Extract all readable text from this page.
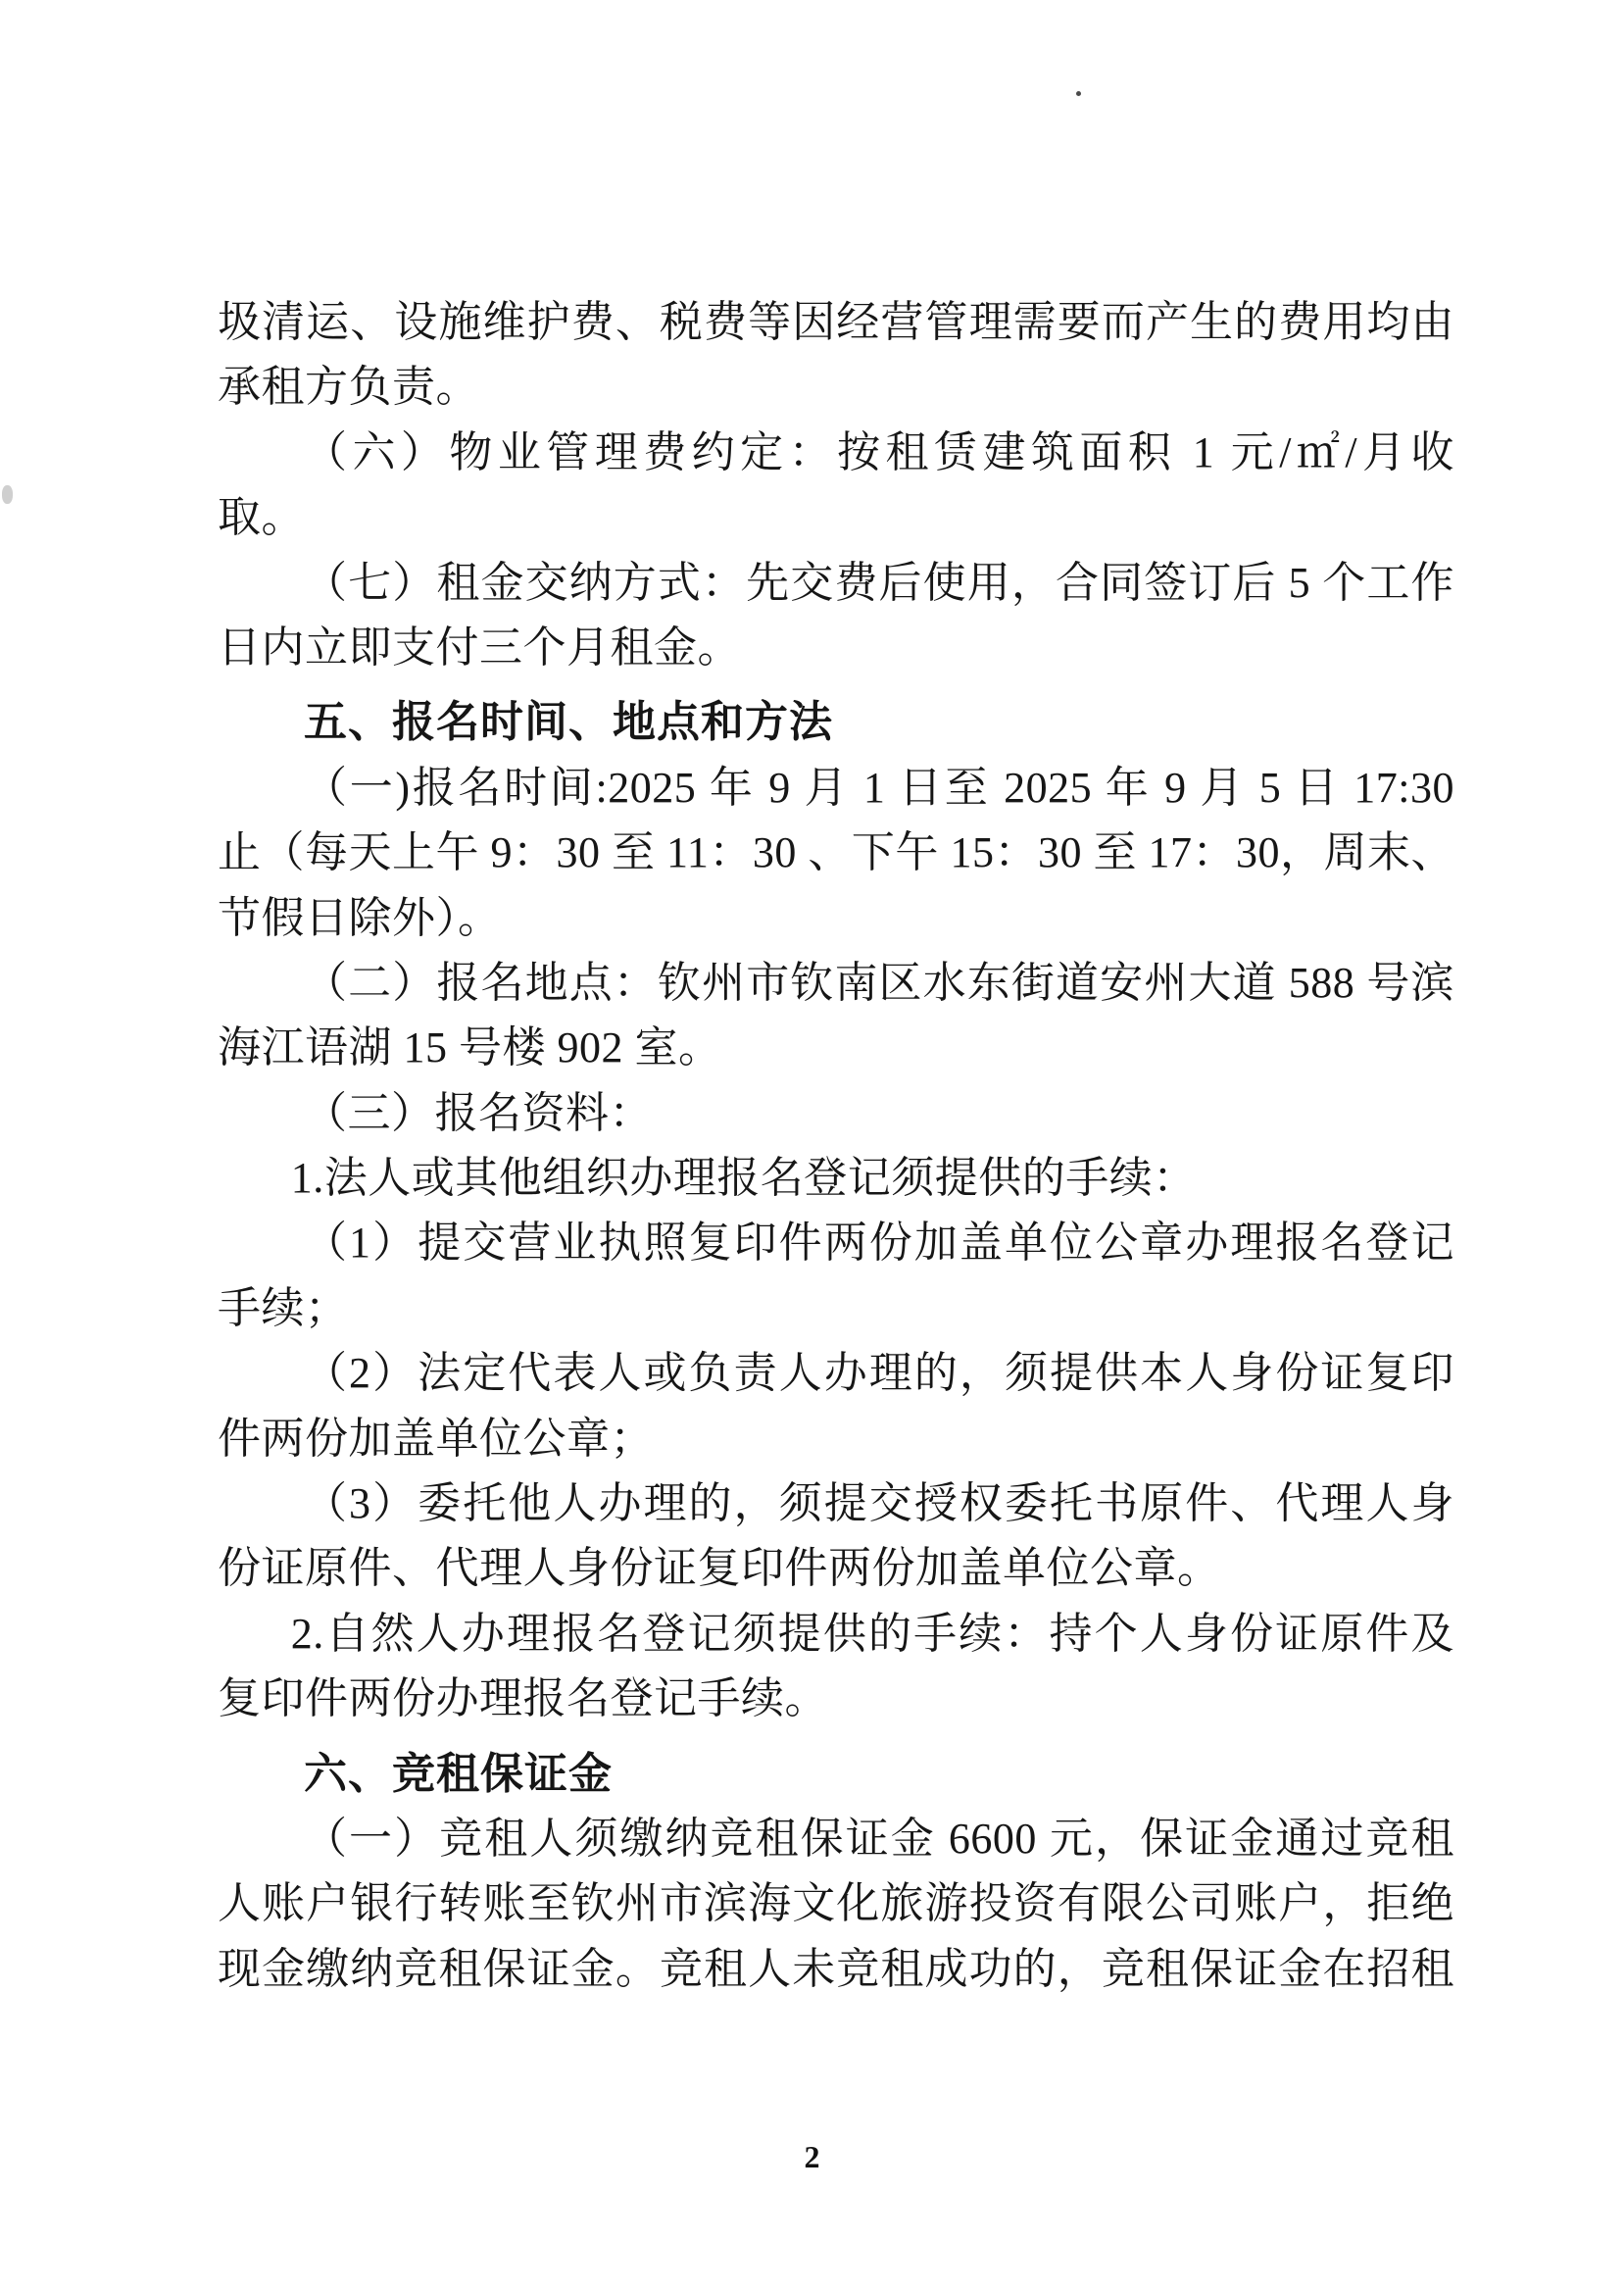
圾清运、设施维护费、税费等因经营管理需要而产生的费用均由
承租方负责。
（六）物业管理费约定：按租赁建筑面积 1 元/㎡/月收
取。
（七）租金交纳方式：先交费后使用，合同签订后 5 个工作
日内立即支付三个月租金。
五、报名时间、地点和方法
（一)报名时间:2025 年 9 月 1 日至 2025 年 9 月 5 日 17:30
止（每天上午 9：30 至 11：30 、下午 15：30 至 17：30，周末、
节假日除外）。
（二）报名地点：钦州市钦南区水东街道安州大道 588 号滨
海江语湖 15 号楼 902 室。
（三）报名资料：
1.法人或其他组织办理报名登记须提供的手续：
（1）提交营业执照复印件两份加盖单位公章办理报名登记
手续；
（2）法定代表人或负责人办理的，须提供本人身份证复印
件两份加盖单位公章；
（3）委托他人办理的，须提交授权委托书原件、代理人身
份证原件、代理人身份证复印件两份加盖单位公章。
2.自然人办理报名登记须提供的手续：持个人身份证原件及
复印件两份办理报名登记手续。
六、竞租保证金
（一）竞租人须缴纳竞租保证金 6600 元，保证金通过竞租
人账户银行转账至钦州市滨海文化旅游投资有限公司账户，拒绝
现金缴纳竞租保证金。竞租人未竞租成功的，竞租保证金在招租
2
